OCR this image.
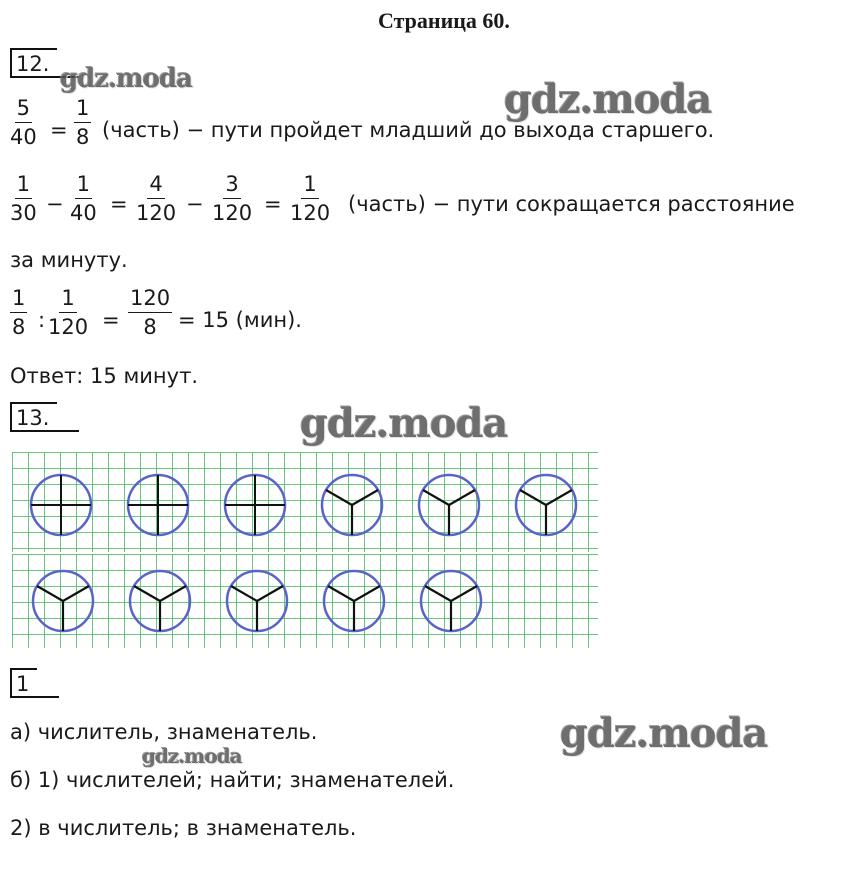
Страница 60.
12.
$\frac{5}{40} = \frac{1}{8}$ (часть) − пути пройдет младший до выхода старшего.
$\frac{1}{30} - \frac{1}{40} = \frac{4}{120} - \frac{3}{120} = \frac{1}{120}$ (часть) − пути сокращается расстояние
за минуту.
$\frac{1}{8}$ : $\frac{1}{120} = \frac{120}{8} = 15$ (мин).
Ответ: 15 минут.
13.
1
а) числитель, знаменатель.
б) 1) числителей; найти; знаменателей.
2) в числитель; в знаменатель.
gdz.moda	gdz.moda
gdz.moda
gdz.moda
gdz.moda
